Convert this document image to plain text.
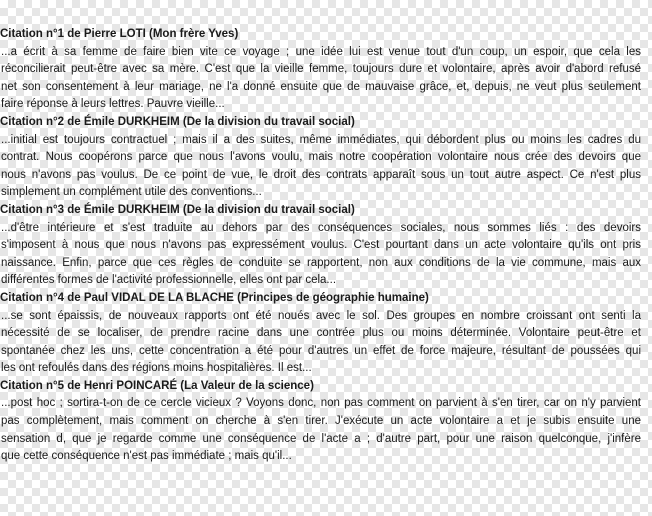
Citation n°1 de Pierre LOTI (Mon frère Yves)
...a écrit à sa femme de faire bien vite ce voyage ; une idée lui est venue tout d'un coup, un espoir, que cela les
réconcilierait peut-être avec sa mère. C'est que la vieille femme, toujours dure et volontaire, après avoir d'abord refusé
net son consentement à leur mariage, ne l'a donné ensuite que de mauvaise grâce, et, depuis, ne veut plus seulement
faire réponse à leurs lettres. Pauvre vieille...
Citation n°2 de Émile DURKHEIM (De la division du travail social)
...initial est toujours contractuel ; mais il a des suites, même immédiates, qui débordent plus ou moins les cadres du
contrat. Nous coopérons parce que nous l'avons voulu, mais notre coopération volontaire nous crée des devoirs que
nous n'avons pas voulus. De ce point de vue, le droit des contrats apparaît sous un tout autre aspect. Ce n'est plus
simplement un complément utile des conventions...
Citation n°3 de Émile DURKHEIM (De la division du travail social)
...d'être intérieure et s'est traduite au dehors par des conséquences sociales, nous sommes liés : des devoirs
s'imposent à nous que nous n'avons pas expressément voulus. C'est pourtant dans un acte volontaire qu'ils ont pris
naissance. Enfin, parce que ces règles de conduite se rapportent, non aux conditions de la vie commune, mais aux
différentes formes de l'activité professionnelle, elles ont par cela...
Citation n°4 de Paul VIDAL DE LA BLACHE (Principes de géographie humaine)
...se sont épaissis, de nouveaux rapports ont été noués avec le sol. Des groupes en nombre croissant ont senti la
nécessité de se localiser, de prendre racine dans une contrée plus ou moins déterminée. Volontaire peut-être et
spontanée chez les uns, cette concentration a été pour d'autres un effet de force majeure, résultant de poussées qui
les ont refoulés dans des régions moins hospitalières. Il est...
Citation n°5 de Henri POINCARÉ (La Valeur de la science)
...post hoc ; sortira-t-on de ce cercle vicieux ? Voyons donc, non pas comment on parvient à s'en tirer, car on n'y parvient
pas complètement, mais comment on cherche à s'en tirer. J'exécute un acte volontaire a et je subis ensuite une
sensation d, que je regarde comme une conséquence de l'acte a ; d'autre part, pour une raison quelconque, j'infère
que cette conséquence n'est pas immédiate ; mais qu'il...
